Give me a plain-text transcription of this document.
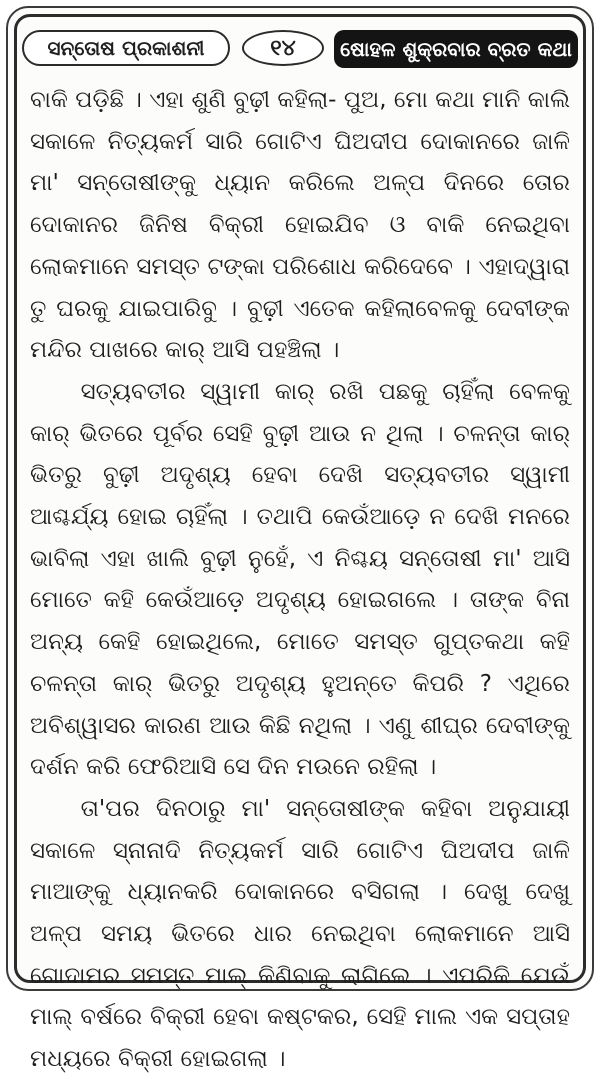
ସନ୍ତୋଷ ପ୍ରକାଶନୀ	୧୪	ଷୋହଳ ଶୁକ୍ରବାର ବ୍ରତ କଥା

ବାକି ପଡ଼ିଛି । ଏହା ଶୁଣି ବୁଢ଼ୀ କହିଲା- ପୁଅ, ମୋ କଥା ମାନି କାଲି ସକାଳେ ନିତ୍ୟକର୍ମ ସାରି ଗୋଟିଏ ଘିଅଦୀପ ଦୋକାନରେ ଜାଳି ମା' ସନ୍ତୋଷୀଙ୍କୁ ଧ୍ୟାନ କରିଲେ ଅଳ୍ପ ଦିନରେ ତୋର ଦୋକାନର ଜିନିଷ ବିକ୍ରୀ ହୋଇଯିବ ଓ ବାକି ନେଇଥିବା ଲୋକମାନେ ସମସ୍ତ ଟଙ୍କା ପରିଶୋଧ କରିଦେବେ । ଏହାଦ୍ୱାରା ତୁ ଘରକୁ ଯାଇପାରିବୁ । ବୁଢ଼ୀ ଏତେକ କହିଲାବେଳକୁ ଦେବୀଙ୍କ ମନ୍ଦିର ପାଖରେ କାର୍ ଆସି ପହଞ୍ଚିଲା ।

ସତ୍ୟବତୀର ସ୍ୱାମୀ କାର୍ ରଖି ପଛକୁ ଚାହିଁଲା ବେଳକୁ କାର୍ ଭିତରେ ପୂର୍ବର ସେହି ବୁଢ଼ୀ ଆଉ ନ ଥିଲା । ଚଳନ୍ତା କାର୍ ଭିତରୁ ବୁଢ଼ୀ ଅଦୃଶ୍ୟ ହେବା ଦେଖି ସତ୍ୟବତୀର ସ୍ୱାମୀ ଆଶ୍ଚର୍ଯ୍ୟ ହୋଇ ଚାହିଁଲା । ତଥାପି କେଉଁଆଡ଼େ ନ ଦେଖି ମନରେ ଭାବିଲା ଏହା ଖାଲି ବୁଢ଼ୀ ନୁହେଁ, ଏ ନିଶ୍ଚୟ ସନ୍ତୋଷୀ ମା' ଆସି ମୋତେ କହି କେଉଁଆଡ଼େ ଅଦୃଶ୍ୟ ହୋଇଗଲେ । ତାଙ୍କ ବିନା ଅନ୍ୟ କେହି ହୋଇଥିଲେ, ମୋତେ ସମସ୍ତ ଗୁପ୍ତକଥା କହି ଚଳନ୍ତା କାର୍ ଭିତରୁ ଅଦୃଶ୍ୟ ହୁଅନ୍ତେ କିପରି ? ଏଥିରେ ଅବିଶ୍ୱାସର କାରଣ ଆଉ କିଛି ନଥିଲା । ଏଣୁ ଶୀଘ୍ର ଦେବୀଙ୍କୁ ଦର୍ଶନ କରି ଫେରିଆସି ସେ ଦିନ ମଉନେ ରହିଲା ।

ତା'ପର ଦିନଠାରୁ ମା' ସନ୍ତୋଷୀଙ୍କ କହିବା ଅନୁଯାୟୀ ସକାଳେ ସ୍ନାନାଦି ନିତ୍ୟକର୍ମ ସାରି ଗୋଟିଏ ଘିଅଦୀପ ଜାଳି ମାଆଙ୍କୁ ଧ୍ୟାନକରି ଦୋକାନରେ ବସିଗଲା । ଦେଖୁ ଦେଖୁ ଅଳ୍ପ ସମୟ ଭିତରେ ଧାର ନେଇଥିବା ଲୋକମାନେ ଆସି ଗୋଦାମର ସମସ୍ତ ମାଲ୍ କିଣିବାକୁ ଲାଗିଲେ । ଏପରିକି ଯେଉଁ ମାଲ୍ ବର୍ଷରେ ବିକ୍ରୀ ହେବା କଷ୍ଟକର, ସେହି ମାଲ ଏକ ସପ୍ତାହ ମଧ୍ୟରେ ବିକ୍ରୀ ହୋଇଗଲା ।
